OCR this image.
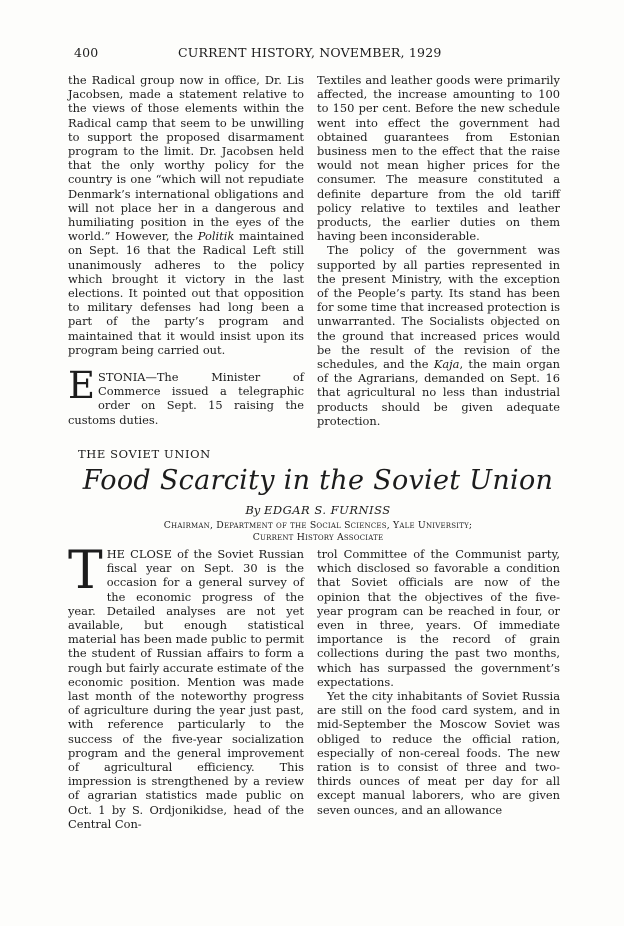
400	CURRENT HISTORY, NOVEMBER, 1929

the Radical group now in office, Dr. Lis Jacobsen, made a statement relative to the views of those elements within the Radical camp that seem to be unwilling to support the proposed disarmament program to the limit. Dr. Jacobsen held that the only worthy policy for the country is one “which will not repudiate Denmark’s international obligations and will not place her in a dangerous and humiliating position in the eyes of the world.” However, the Politik maintained on Sept. 16 that the Radical Left still unanimously adheres to the policy which brought it victory in the last elections. It pointed out that opposition to military defenses had long been a part of the party’s program and maintained that it would insist upon its program being carried out.

ESTONIA—The Minister of Commerce issued a telegraphic order on Sept. 15 raising the customs duties.

Textiles and leather goods were primarily affected, the increase amounting to 100 to 150 per cent. Before the new schedule went into effect the government had obtained guarantees from Estonian business men to the effect that the raise would not mean higher prices for the consumer. The measure constituted a definite departure from the old tariff policy relative to textiles and leather products, the earlier duties on them having been inconsiderable.

The policy of the government was supported by all parties represented in the present Ministry, with the exception of the People’s party. Its stand has been for some time that increased protection is unwarranted. The Socialists objected on the ground that increased prices would be the result of the revision of the schedules, and the Kaja, the main organ of the Agrarians, demanded on Sept. 16 that agricultural no less than industrial products should be given adequate protection.

THE SOVIET UNION
Food Scarcity in the Soviet Union
By EDGAR S. FURNISS
Chairman, Department of the Social Sciences, Yale University;
Current History Associate
THE CLOSE of the Soviet Russian fiscal year on Sept. 30 is the occasion for a general survey of the economic progress of the year. Detailed analyses are not yet available, but enough statistical material has been made public to permit the student of Russian affairs to form a rough but fairly accurate estimate of the economic position. Mention was made last month of the noteworthy progress of agriculture during the year just past, with reference particularly to the success of the five-year socialization program and the general improvement of agricultural efficiency. This impression is strengthened by a review of agrarian statistics made public on Oct. 1 by S. Ordjonikidse, head of the Central Con-

trol Committee of the Communist party, which disclosed so favorable a condition that Soviet officials are now of the opinion that the objectives of the five-year program can be reached in four, or even in three, years. Of immediate importance is the record of grain collections during the past two months, which has surpassed the government’s expectations.

Yet the city inhabitants of Soviet Russia are still on the food card system, and in mid-September the Moscow Soviet was obliged to reduce the official ration, especially of non-cereal foods. The new ration is to consist of three and two-thirds ounces of meat per day for all except manual laborers, who are given seven ounces, and an allowance
